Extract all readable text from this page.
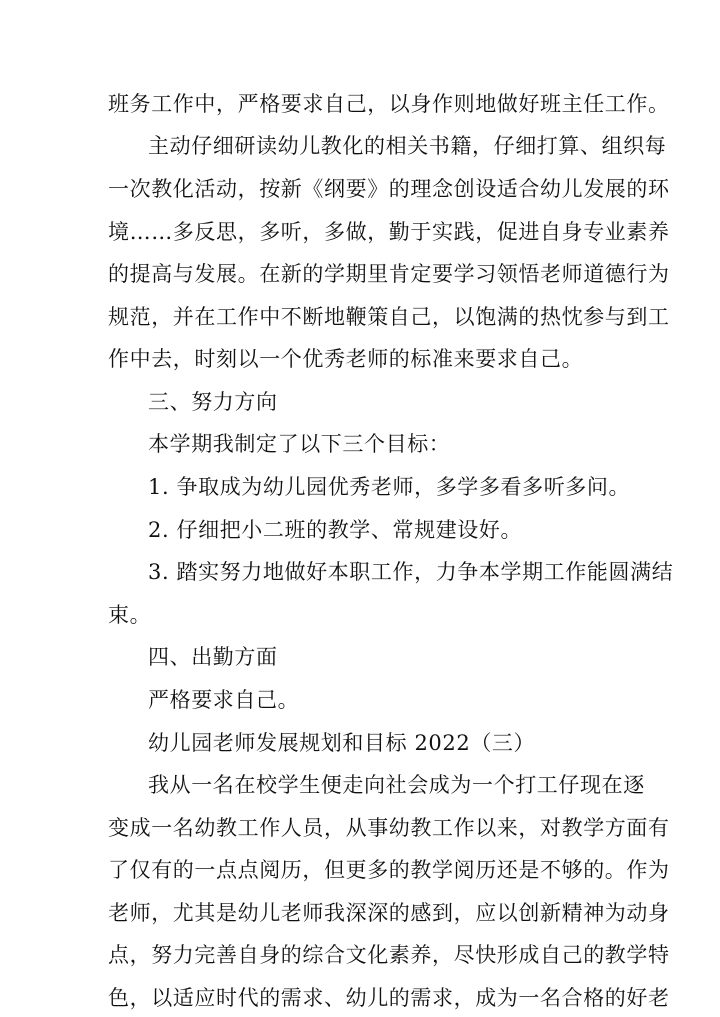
班务工作中，严格要求自己，以身作则地做好班主任工作。
主动仔细研读幼儿教化的相关书籍，仔细打算、组织每
一次教化活动，按新《纲要》的理念创设适合幼儿发展的环
境……多反思，多听，多做，勤于实践，促进自身专业素养
的提高与发展。在新的学期里肯定要学习领悟老师道德行为
规范，并在工作中不断地鞭策自己，以饱满的热忱参与到工
作中去，时刻以一个优秀老师的标准来要求自己。
三、努力方向
本学期我制定了以下三个目标：
1. 争取成为幼儿园优秀老师，多学多看多听多问。
2. 仔细把小二班的教学、常规建设好。
3. 踏实努力地做好本职工作，力争本学期工作能圆满结
束。
四、出勤方面
严格要求自己。
幼儿园老师发展规划和目标 2022（三）
我从一名在校学生便走向社会成为一个打工仔现在逐
变成一名幼教工作人员，从事幼教工作以来，对教学方面有
了仅有的一点点阅历，但更多的教学阅历还是不够的。作为
老师，尤其是幼儿老师我深深的感到，应以创新精神为动身
点，努力完善自身的综合文化素养，尽快形成自己的教学特
色，以适应时代的需求、幼儿的需求，成为一名合格的好老
